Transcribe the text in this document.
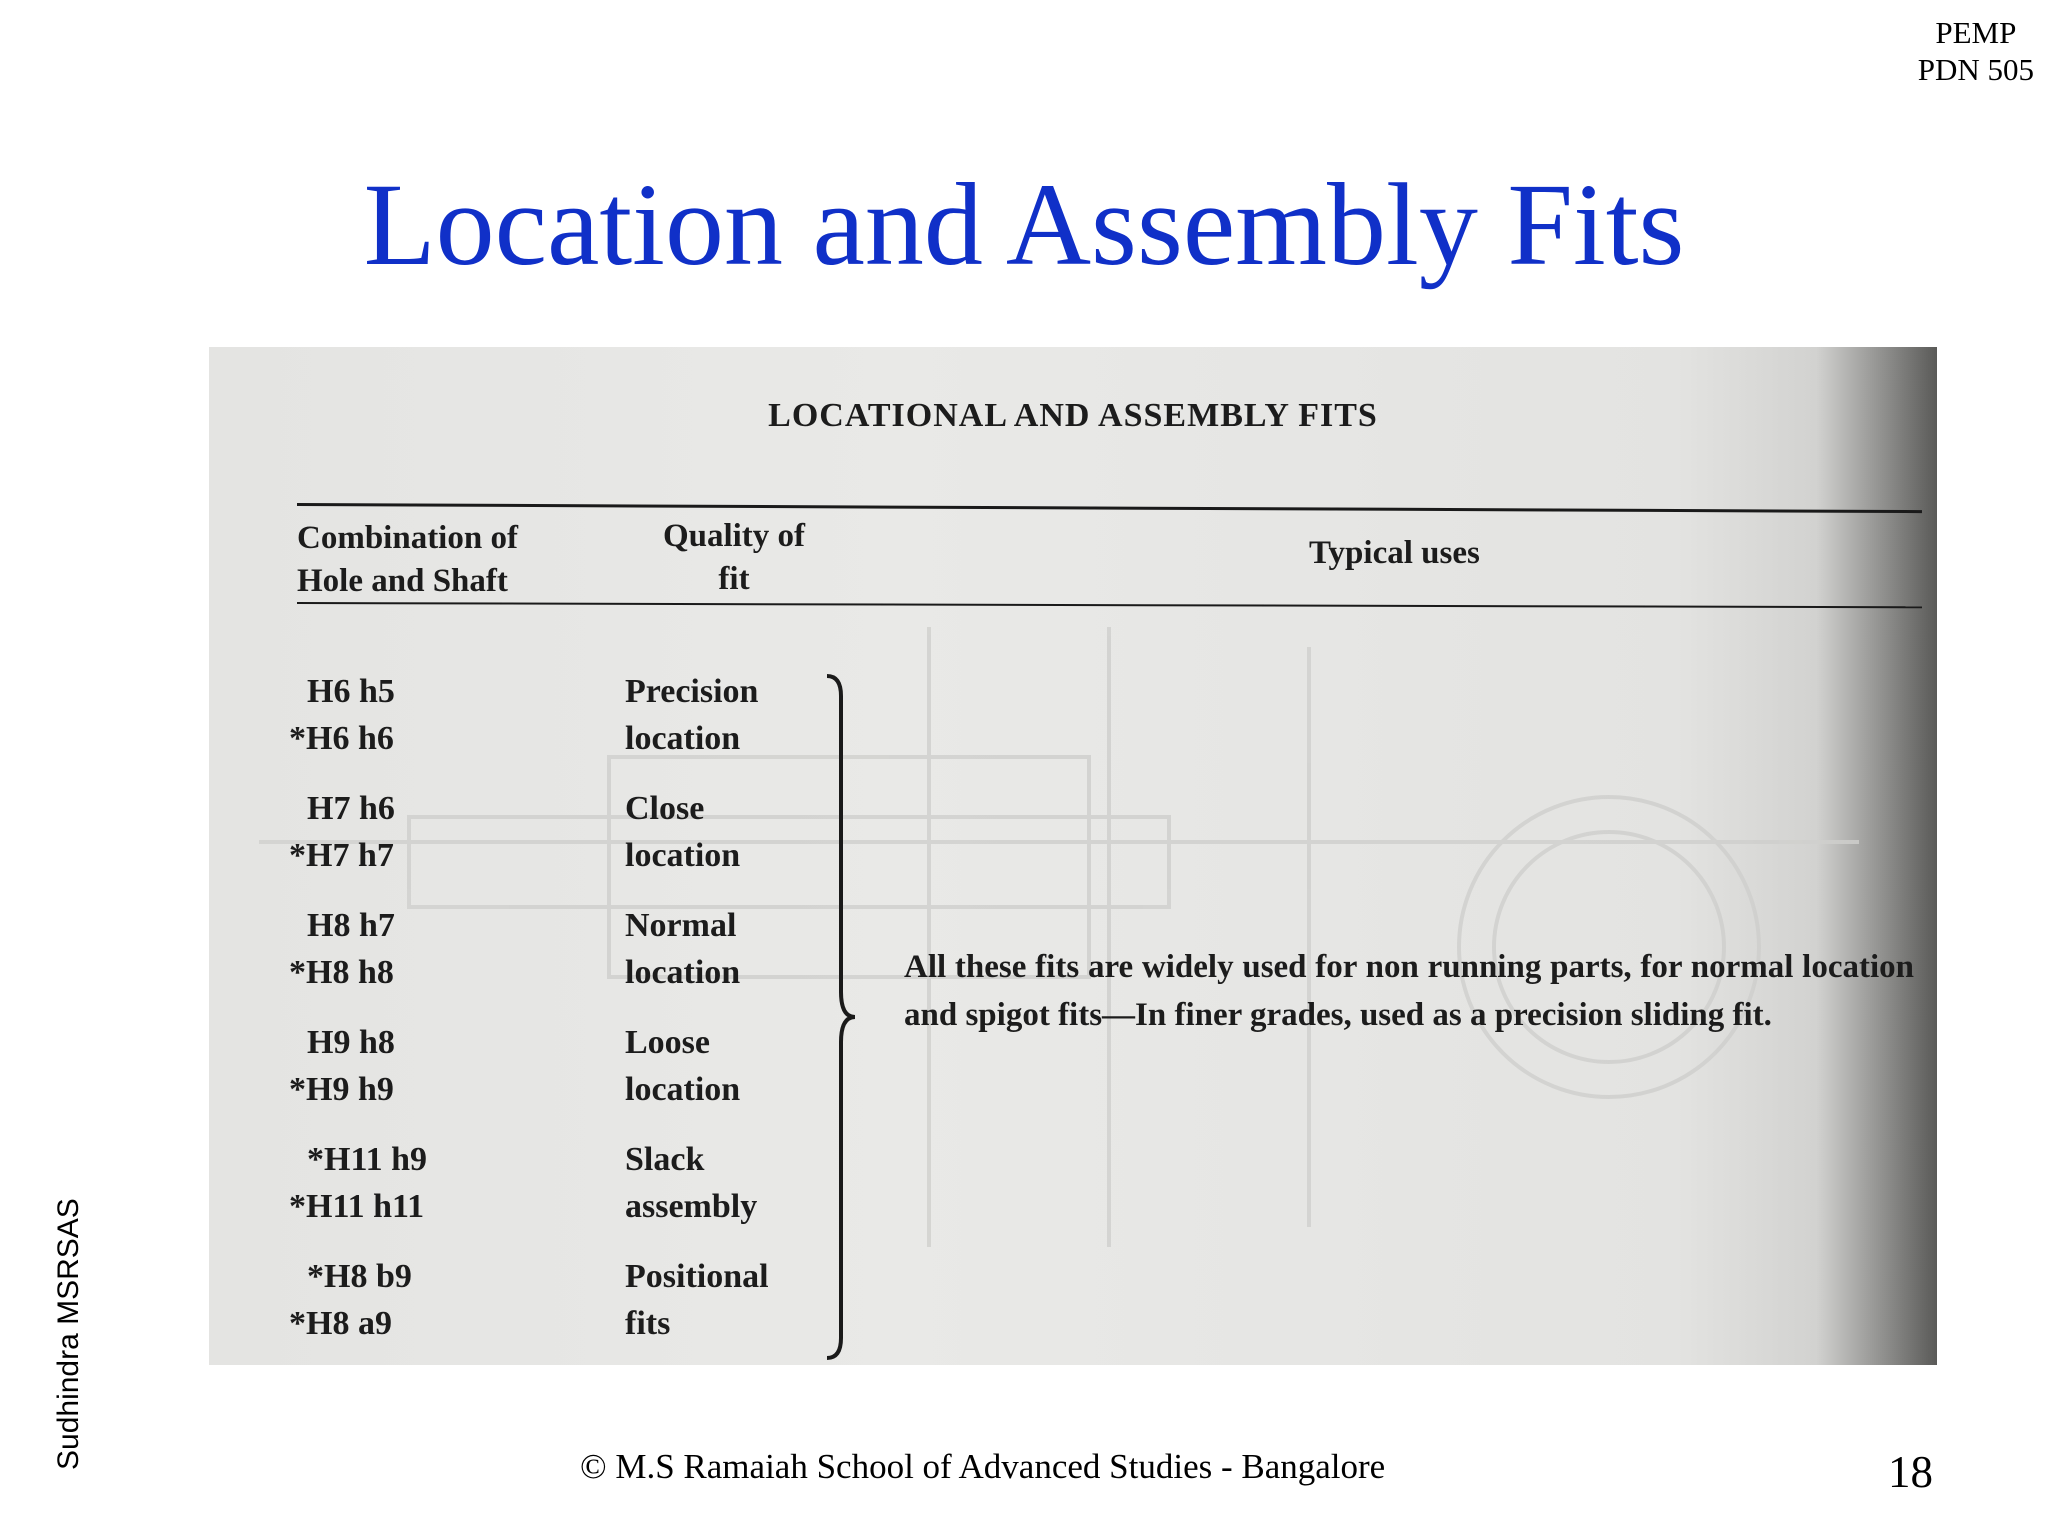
PEMP
PDN 505
Location and Assembly Fits
LOCATIONAL AND ASSEMBLY FITS
Combination of
Hole and Shaft
Quality of
fit
Typical uses
H6 h5
*H6 h6
Precision
location
H7 h6
*H7 h7
Close
location
H8 h7
*H8 h8
Normal
location
H9 h8
*H9 h9
Loose
location
*H11 h9
*H11 h11
Slack
assembly
*H8 b9
*H8 a9
Positional
fits
All these fits are widely used for non running parts, for normal location and spigot fits—In finer grades, used as a precision sliding fit.
Sudhindra MSRSAS	© M.S Ramaiah School of Advanced Studies - Bangalore	18
